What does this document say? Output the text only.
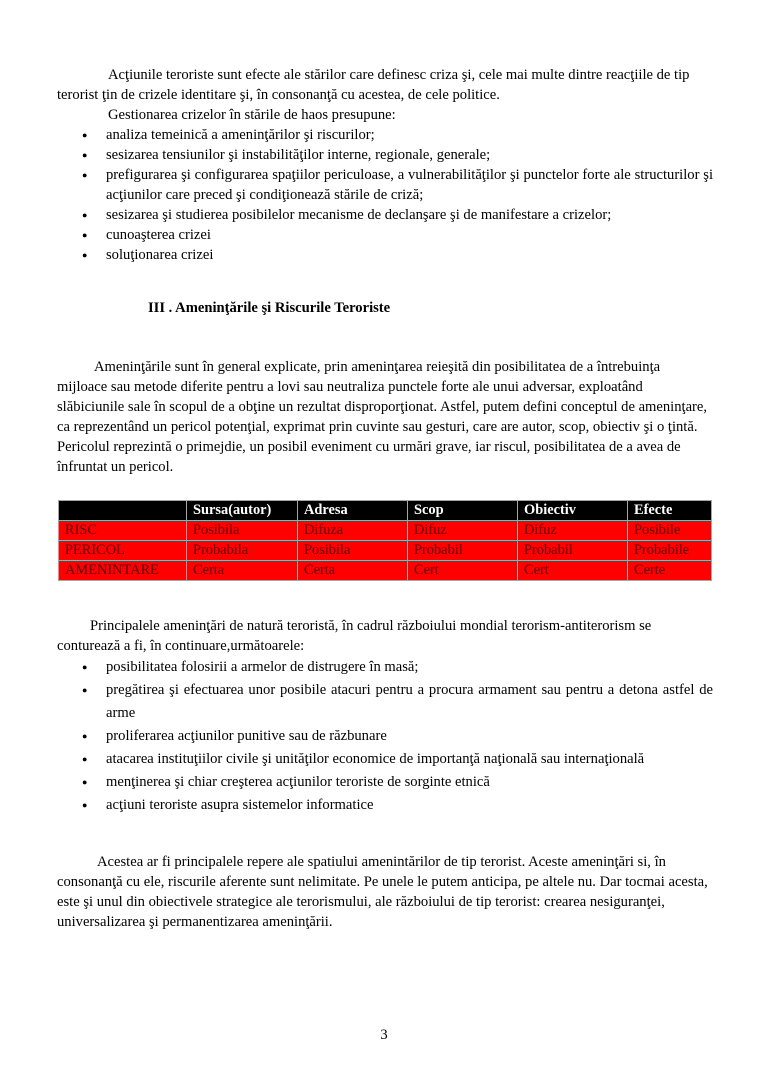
Acţiunile teroriste sunt efecte ale stărilor care definesc criza şi, cele mai multe dintre reacţiile de tip terorist ţin de crizele identitare şi, în consonanţă cu acestea, de cele politice.

Gestionarea crizelor în stările de haos presupune:

● analiza temeinică a ameninţărilor şi riscurilor;
● sesizarea tensiunilor şi instabilităţilor interne, regionale, generale;
● prefigurarea şi configurarea spaţiilor periculoase, a vulnerabilităţilor şi punctelor forte ale structurilor şi acţiunilor care preced şi condiţionează stările de criză;
● sesizarea şi studierea posibilelor mecanisme de declanşare şi de manifestare a crizelor;
● cunoaşterea crizei
● soluţionarea crizei
III . Ameninţările şi Riscurile Teroriste

Ameninţările sunt în general explicate, prin ameninţarea reieşită din posibilitatea de a întrebuinţa mijloace sau metode diferite pentru a lovi sau neutraliza punctele forte ale unui adversar, exploatând slăbiciunile sale în scopul de a obţine un rezultat disproporţionat. Astfel, putem defini conceptul de ameninţare, ca reprezentând un pericol potenţial, exprimat prin cuvinte sau gesturi, care are autor, scop, obiectiv şi o ţintă. Pericolul reprezintă o primejdie, un posibil eveniment cu urmări grave, iar riscul, posibilitatea de a avea de înfruntat un pericol.

	Sursa(autor)	Adresa	Scop	Obiectiv	Efecte
RISC	Posibila	Difuza	Difuz	Difuz	Posibile
PERICOL	Probabila	Posibila	Probabil	Probabil	Probabile
AMENINTARE	Certa	Certa	Cert	Cert	Certe

Principalele ameninţări de natură teroristă, în cadrul războiului mondial terorism-antiterorism se conturează a fi, în continuare,următoarele:

● posibilitatea folosirii a armelor de distrugere în masă;
● pregătirea şi efectuarea unor posibile atacuri pentru a procura armament sau pentru a detona astfel de arme
● proliferarea acţiunilor punitive sau de răzbunare
● atacarea instituţiilor civile şi unităţilor economice de importanţă naţională sau internaţională
● menţinerea şi chiar creşterea acţiunilor teroriste de sorginte etnică
● acţiuni teroriste asupra sistemelor informatice

Acestea ar fi principalele repere ale spatiului amenintărilor de tip terorist. Aceste ameninţări si, în consonanţă cu ele, riscurile aferente sunt nelimitate. Pe unele le putem anticipa, pe altele nu. Dar tocmai acesta, este şi unul din obiectivele strategice ale terorismului, ale războiului de tip terorist: crearea nesiguranţei, universalizarea şi permanentizarea ameninţării.

3
